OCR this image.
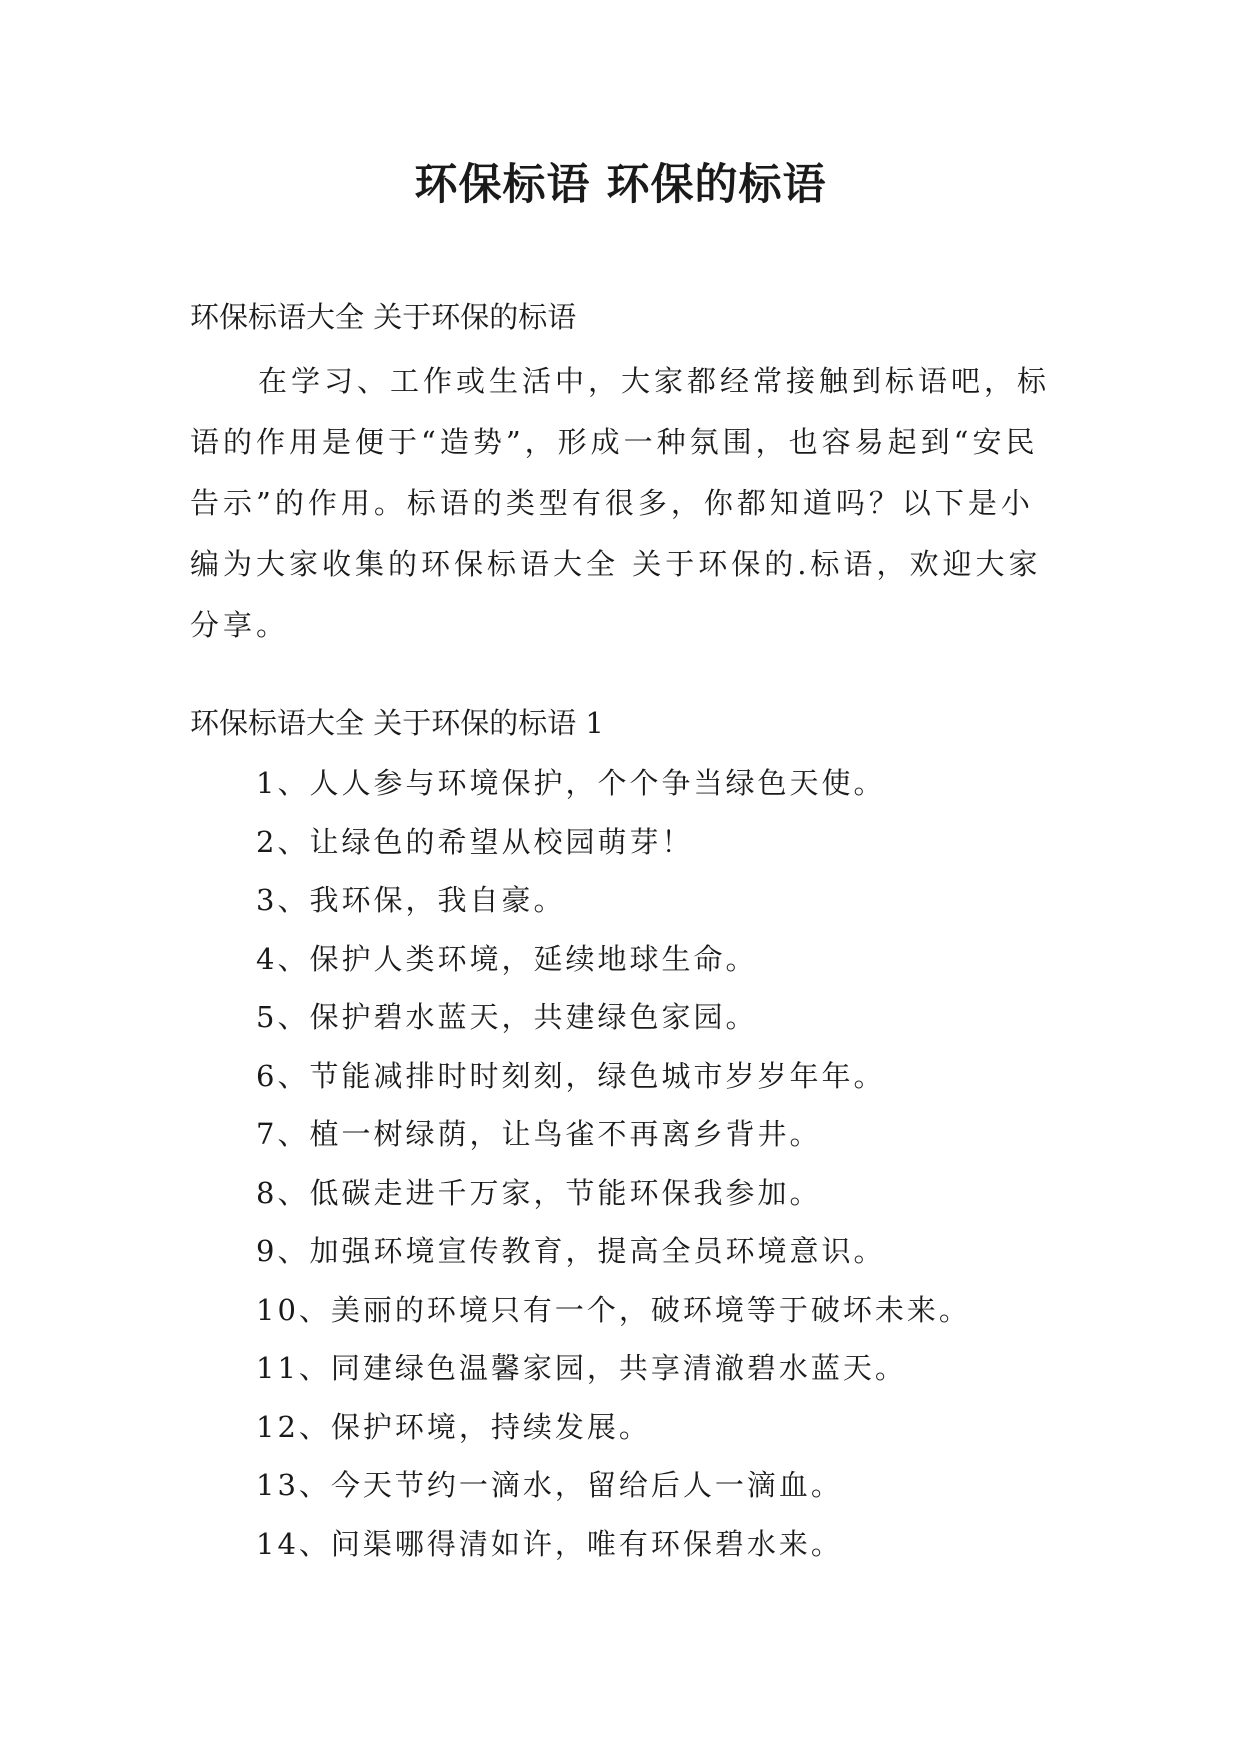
环保标语 环保的标语

环保标语大全 关于环保的标语

在学习、工作或生活中，大家都经常接触到标语吧，标语的作用是便于“造势”，形成一种氛围，也容易起到“安民告示”的作用。标语的类型有很多，你都知道吗？以下是小编为大家收集的环保标语大全 关于环保的.标语，欢迎大家分享。

环保标语大全 关于环保的标语 1

1、人人参与环境保护，个个争当绿色天使。
2、让绿色的希望从校园萌芽！
3、我环保，我自豪。
4、保护人类环境，延续地球生命。
5、保护碧水蓝天，共建绿色家园。
6、节能减排时时刻刻，绿色城市岁岁年年。
7、植一树绿荫，让鸟雀不再离乡背井。
8、低碳走进千万家，节能环保我参加。
9、加强环境宣传教育，提高全员环境意识。
10、美丽的环境只有一个，破环境等于破坏未来。
11、同建绿色温馨家园，共享清澈碧水蓝天。
12、保护环境，持续发展。
13、今天节约一滴水，留给后人一滴血。
14、问渠哪得清如许，唯有环保碧水来。
